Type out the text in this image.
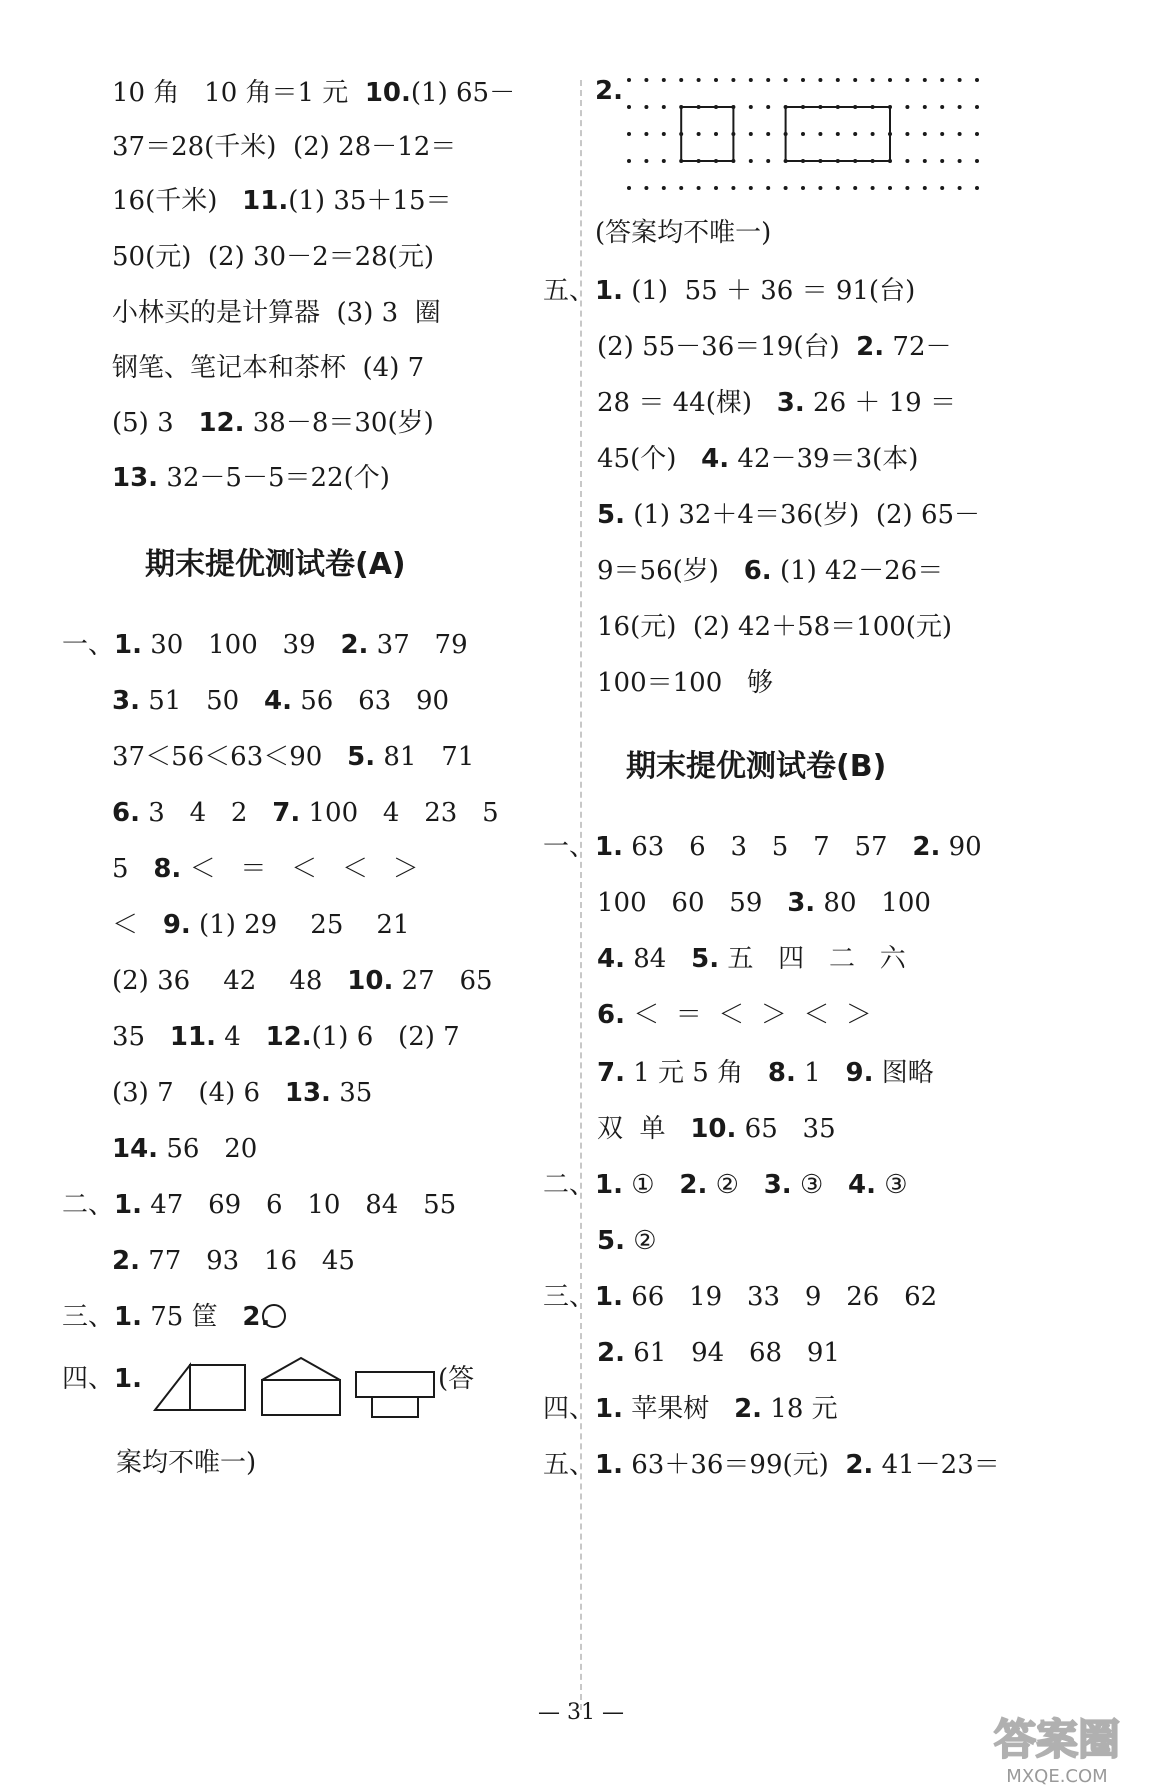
10 角 10 角＝1 元 10.(1) 65－
37＝28(千米)  (2) 28－12＝
16(千米) 11.(1) 35＋15＝
50(元)  (2) 30－2＝28(元)
小林买的是计算器  (3) 3  圈
钢笔、笔记本和茶杯  (4) 7
(5) 3 12. 38－8＝30(岁)
13. 32－5－5＝22(个)
期末提优测试卷(A)
一、1. 30   100   39 2. 37   79
3. 51   50 4. 56   63   90
37＜56＜63＜90 5. 81   71
6. 3   4   2 7. 100   4   23   5
5 8. ＜   ＝   ＜   ＜   ＞
＜ 9. (1) 29    25    21
(2) 36    42    48 10. 27   65
35 11. 4 12.(1) 6   (2) 7
(3) 7   (4) 6 13. 35
14. 56   20
二、1. 47   69   6   10   84   55
2. 77   93   16   45
三、1. 75 筐 2.
四、1.	(答
案均不唯一)
2.
(答案均不唯一)
五、1. (1)  55 ＋ 36 ＝ 91(台)
(2) 55－36＝19(台) 2. 72－
28 ＝ 44(棵) 3. 26 ＋ 19 ＝
45(个) 4. 42－39＝3(本)
5. (1) 32＋4＝36(岁)  (2) 65－
9＝56(岁) 6. (1) 42－26＝
16(元)  (2) 42＋58＝100(元)
100＝100   够
期末提优测试卷(B)
一、1. 63   6   3   5   7   57 2. 90
100   60   59 3. 80   100
4. 84 5. 五   四   二   六
6. ＜  ＝  ＜  ＞  ＜  ＞
7. 1 元 5 角 8. 1 9. 图略
双  单 10. 65   35
二、1. ① 2. ② 3. ③ 4. ③
5. ②
三、1. 66   19   33   9   26   62
2. 61   94   68   91
四、1. 苹果树 2. 18 元
五、1. 63＋36＝99(元) 2. 41－23＝
— 31 —
答案圈
MXQE.COM
